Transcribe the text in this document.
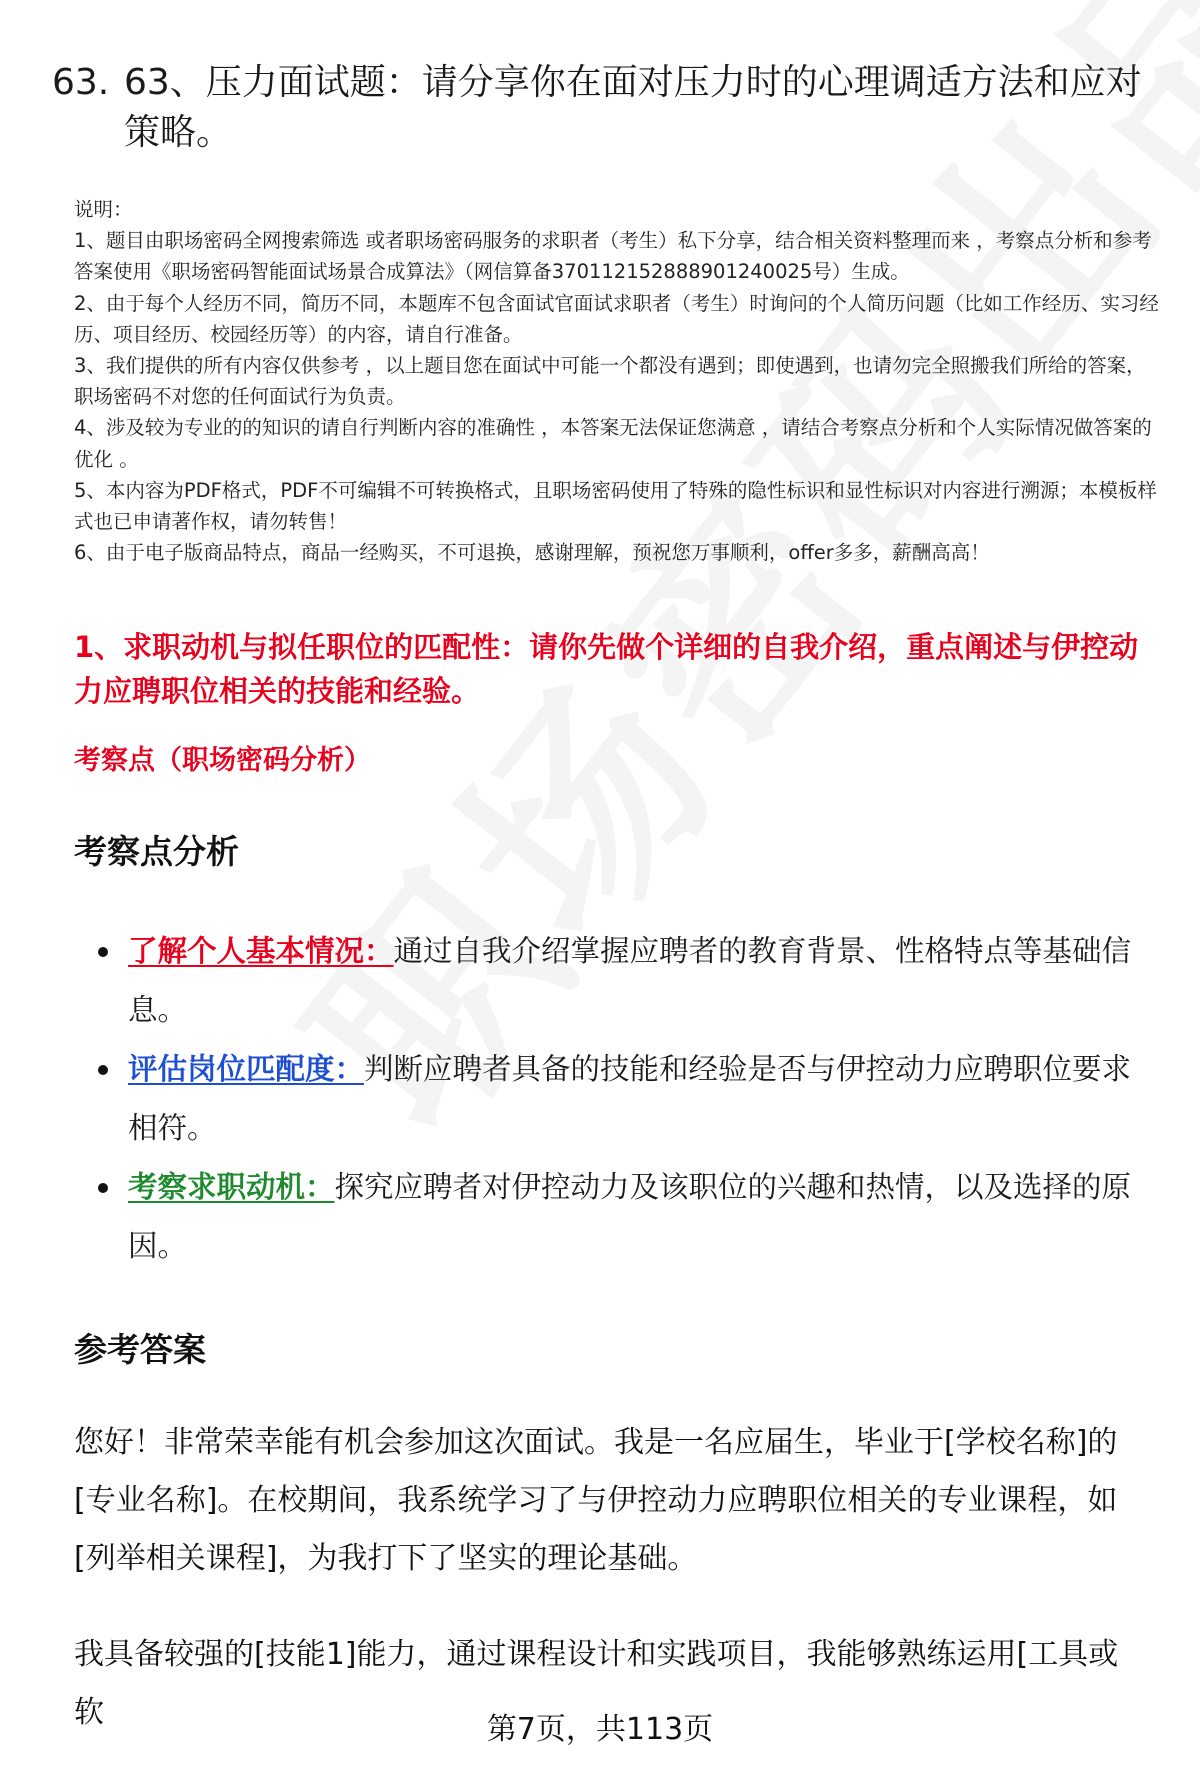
63. 63、压力面试题：请分享你在面对压力时的心理调适方法和应对策略。

说明：

1、题目由职场密码全网搜索筛选 或者职场密码服务的求职者（考生）私下分享，结合相关资料整理而来 ，考察点分析和参考答案使用《职场密码智能面试场景合成算法》（网信算备370112152888901240025号）生成。

2、由于每个人经历不同，简历不同，本题库不包含面试官面试求职者（考生）时询问的个人简历问题（比如工作经历、实习经历、项目经历、校园经历等）的内容，请自行准备。

3、我们提供的所有内容仅供参考 ，以上题目您在面试中可能一个都没有遇到；即使遇到，也请勿完全照搬我们所给的答案，职场密码不对您的任何面试行为负责。

4、涉及较为专业的的知识的请自行判断内容的准确性 ，本答案无法保证您满意 ，请结合考察点分析和个人实际情况做答案的优化 。

5、本内容为PDF格式，PDF不可编辑不可转换格式，且职场密码使用了特殊的隐性标识和显性标识对内容进行溯源；本模板样式也已申请著作权，请勿转售！

6、由于电子版商品特点，商品一经购买，不可退换，感谢理解，预祝您万事顺利，offer多多，薪酬高高！

1、求职动机与拟任职位的匹配性：请你先做个详细的自我介绍，重点阐述与伊控动力应聘职位相关的技能和经验。
考察点（职场密码分析）
考察点分析
了解个人基本情况：通过自我介绍掌握应聘者的教育背景、性格特点等基础信息。
评估岗位匹配度：判断应聘者具备的技能和经验是否与伊控动力应聘职位要求相符。
考察求职动机：探究应聘者对伊控动力及该职位的兴趣和热情，以及选择的原因。
参考答案

您好！非常荣幸能有机会参加这次面试。我是一名应届生，毕业于[学校名称]的[专业名称]。在校期间，我系统学习了与伊控动力应聘职位相关的专业课程，如[列举相关课程]，为我打下了坚实的理论基础。

我具备较强的[技能1]能力，通过课程设计和实践项目，我能够熟练运用[工具或软	第7页，共113页
